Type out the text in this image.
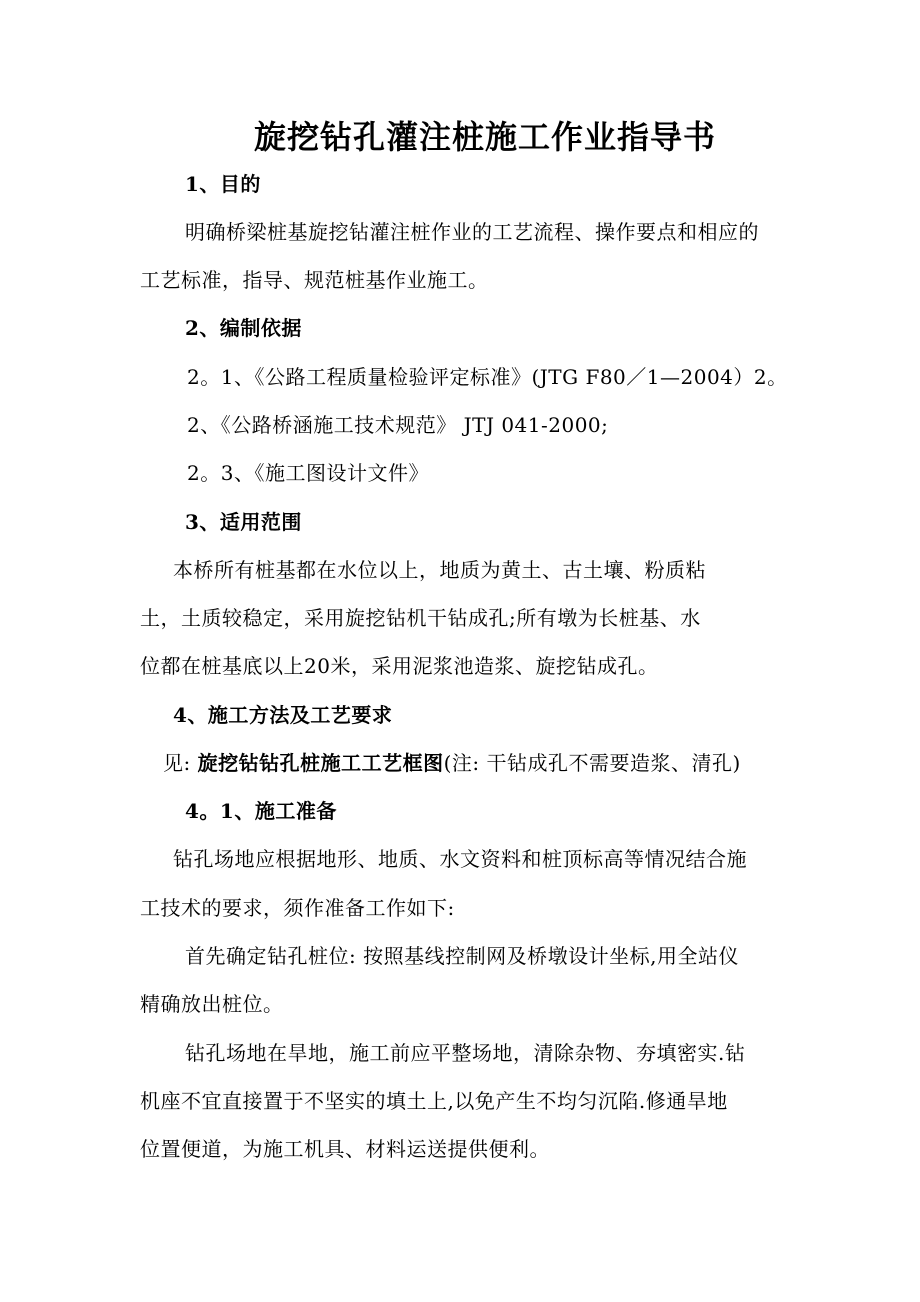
旋挖钻孔灌注桩施工作业指导书
1、目的
明确桥梁桩基旋挖钻灌注桩作业的工艺流程、操作要点和相应的
工艺标准，指导、规范桩基作业施工。
2、编制依据
2。1、《公路工程质量检验评定标准》(JTG F80／1—2004）2。
2、《公路桥涵施工技术规范》 JTJ 041-2000;
2。3、《施工图设计文件》
3、适用范围
本桥所有桩基都在水位以上，地质为黄土、古土壤、粉质粘
土，土质较稳定，采用旋挖钻机干钻成孔;所有墩为长桩基、水
位都在桩基底以上20米，采用泥浆池造浆、旋挖钻成孔。
4、施工方法及工艺要求
见: 旋挖钻钻孔桩施工工艺框图(注: 干钻成孔不需要造浆、清孔)
4。1、施工准备
钻孔场地应根据地形、地质、水文资料和桩顶标高等情况结合施
工技术的要求，须作准备工作如下:
首先确定钻孔桩位: 按照基线控制网及桥墩设计坐标,用全站仪
精确放出桩位。
钻孔场地在旱地，施工前应平整场地，清除杂物、夯填密实.钻
机座不宜直接置于不坚实的填土上,以免产生不均匀沉陷.修通旱地
位置便道，为施工机具、材料运送提供便利。
